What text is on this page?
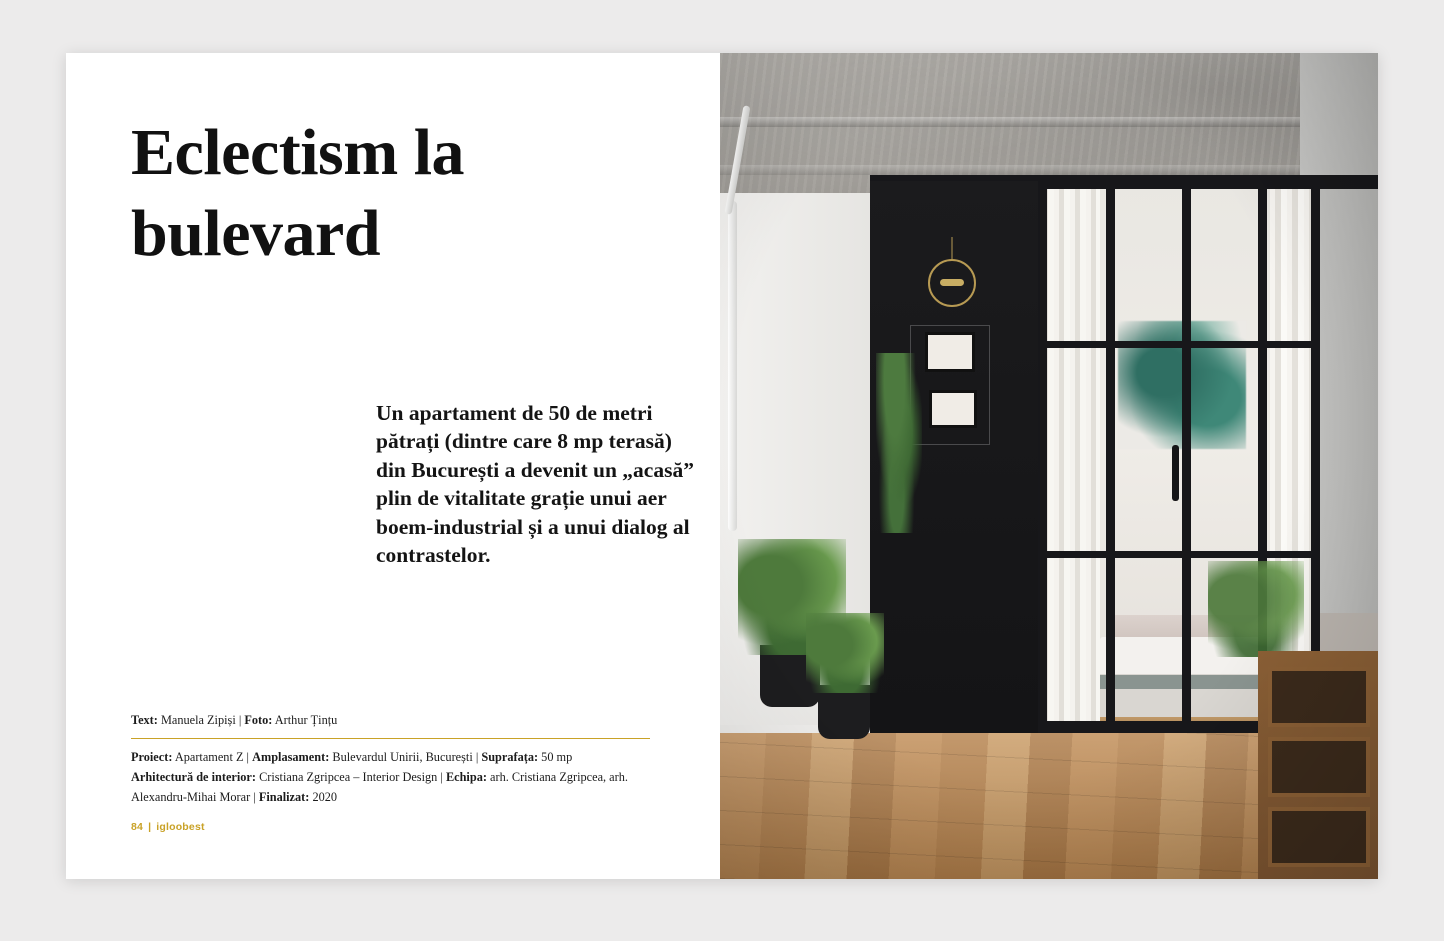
Eclectism la bulevard
Un apartament de 50 de metri pătrați (dintre care 8 mp terasă) din București a devenit un „acasă” plin de vitalitate grație unui aer boem-industrial și a unui dialog al contrastelor.
Text: Manuela Zipiși | Foto: Arthur Țințu
Proiect: Apartament Z | Amplasament: Bulevardul Unirii, București | Suprafața: 50 mp
Arhitectură de interior: Cristiana Zgripcea – Interior Design | Echipa: arh. Cristiana Zgripcea, arh. Alexandru-Mihai Morar | Finalizat: 2020
84 | igloobest
